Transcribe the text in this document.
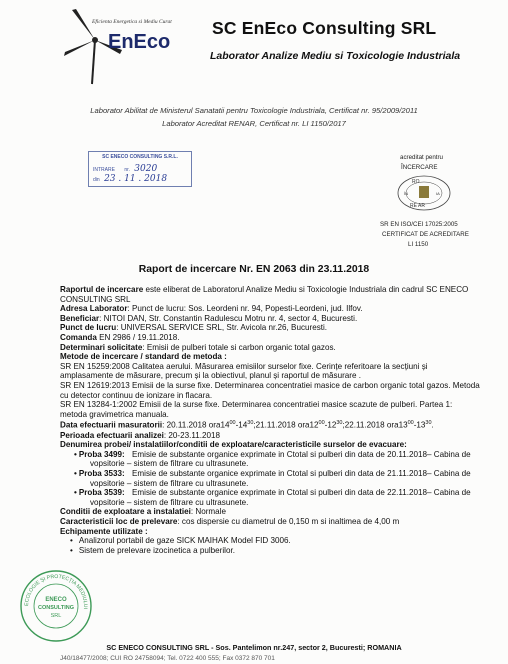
EnEco
Eficienta Energetica si Mediu Curat SC EnEco Consulting SRL
Laborator Analize Mediu si Toxicologie Industriala
Laborator Abilitat de Ministerul Sanatatii pentru Toxicologie Industriala, Certificat nr. 95/2009/2011
Laborator Acreditat RENAR, Certificat nr. LI 1150/2017
SC ENECO CONSULTING S.R.L.
INTRARE nr. 3020
din 23 . 11 . 2018
acreditat pentru
ÎNCERCARE
RO
ÎN	IA
RE AR
SR EN ISO/CEI 17025:2005
CERTIFICAT DE ACREDITARE
LI 1150
Raport de incercare Nr. EN 2063 din 23.11.2018

Raportul de incercare este eliberat de Laboratorul Analize Mediu si Toxicologie Industriala din cadrul SC ENECO CONSULTING SRL

Adresa Laborator: Punct de lucru: Sos. Leordeni nr. 94, Popesti-Leordeni, jud. Ilfov.

Beneficiar: NITOI DAN, Str. Constantin Radulescu Motru nr. 4, sector 4, Bucuresti.

Punct de lucru: UNIVERSAL SERVICE SRL, Str. Avicola nr.26, Bucuresti.

Comanda EN 2986 / 19.11.2018.

Determinari solicitate: Emisii de pulberi totale si carbon organic total gazos.

Metode de incercare / standard de metoda :

SR EN 15259:2008 Calitatea aerului. Măsurarea emisiilor surselor fixe. Cerințe referitoare la secțiuni și amplasamente de măsurare, precum și la obiectivul, planul și raportul de măsurare .

SR EN 12619:2013 Emisii de la surse fixe. Determinarea concentratiei masice de carbon organic total gazos. Metoda cu detector continuu de ionizare in flacara.

SR EN 13284-1:2002 Emisii de la surse fixe. Determinarea concentratiei masice scazute de pulberi. Partea 1: metoda gravimetrica manuala.

Data efectuarii masuratorii: 20.11.2018 $ora14^{00}-14^{30};21.11.2018$ $ora12^{00}-12^{30};22.11.2018$ $ora13^{00}-13^{30}$.

Perioada efectuarii analizei: 20-23.11.2018

Denumirea probei/ instalatiilor/conditii de exploatare/caracteristicile surselor de evacuare:

• Proba 3499: Emisie de substante organice exprimate in Ctotal si pulberi din data de 20.11.2018– Cabina de vopsitorie – sistem de filtrare cu ultrasunete.
• Proba 3533: Emisie de substante organice exprimate in Ctotal si pulberi din data de 21.11.2018– Cabina de vopsitorie – sistem de filtrare cu ultrasunete.
• Proba 3539: Emisie de substante organice exprimate in Ctotal si pulberi din data de 22.11.2018– Cabina de vopsitorie – sistem de filtrare cu ultrasunete.

Conditii de exploatare a instalatiei: Normale

Caracteristicii loc de prelevare: cos dispersie cu diametrul de 0,150 m si inaltimea de 4,00 m

Echipamente utilizate :

• Analizorul portabil de gaze SICK MAIHAK Model FID 3006.

• Sistem de prelevare izocinetica a pulberilor.

ECOLOGIE ŞI PROTECŢIA MEDIULUI
ENECO
CONSULTING
SRL
SC ENECO CONSULTING SRL - Sos. Pantelimon nr.247, sector 2, Bucuresti; ROMANIA
J40/18477/2008; CUI RO 24758094; Tel. 0722 400 555; Fax 0372 870 701
